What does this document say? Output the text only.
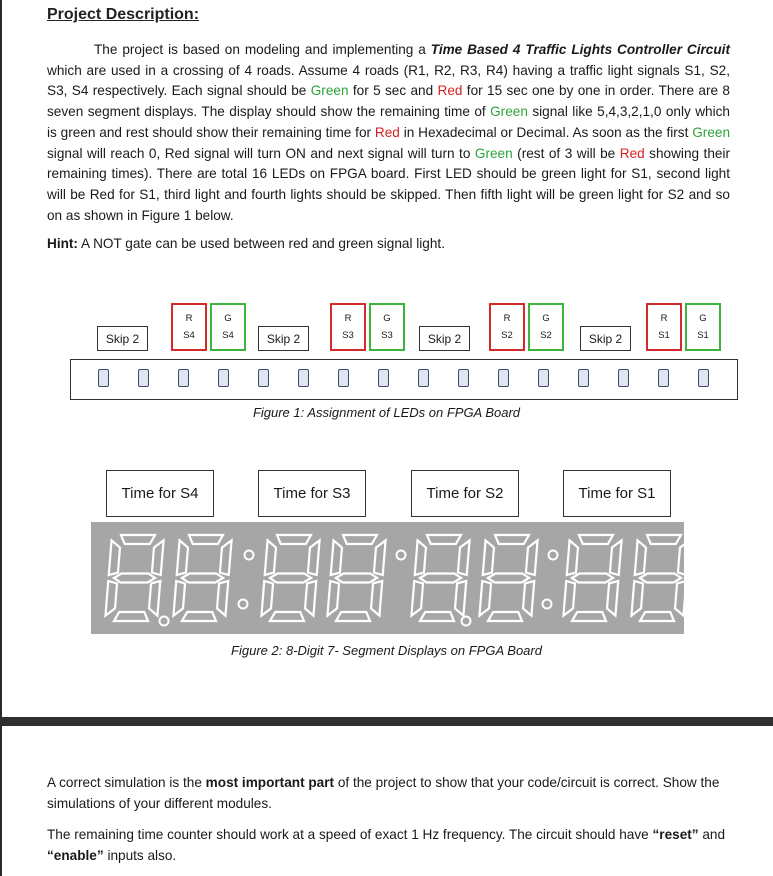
Project Description:
The project is based on modeling and implementing a Time Based 4 Traffic Lights Controller Circuit which are used in a crossing of 4 roads. Assume 4 roads (R1, R2, R3, R4) having a traffic light signals S1, S2, S3, S4 respectively. Each signal should be Green for 5 sec and Red for 15 sec one by one in order. There are 8 seven segment displays. The display should show the remaining time of Green signal like 5,4,3,2,1,0 only which is green and rest should show their remaining time for Red in Hexadecimal or Decimal. As soon as the first Green signal will reach 0, Red signal will turn ON and next signal will turn to Green (rest of 3 will be Red showing their remaining times). There are total 16 LEDs on FPGA board. First LED should be green light for S1, second light will be Red for S1, third light and fourth lights should be skipped. Then fifth light will be green light for S2 and so on as shown in Figure 1 below.
Hint: A NOT gate can be used between red and green signal light.
Skip 2
R
S4
G
S4	Skip 2
R
S3
G
S3	Skip 2
R
S2
G
S2	Skip 2
R
S1
G
S1
Figure 1: Assignment of LEDs on FPGA Board
Time for S4	Time for S3	Time for S2	Time for S1
Figure 2: 8-Digit 7- Segment Displays on FPGA Board
A correct simulation is the most important part of the project to show that your code/circuit is correct. Show the simulations of your different modules.
The remaining time counter should work at a speed of exact 1 Hz frequency. The circuit should have “reset” and “enable” inputs also.
